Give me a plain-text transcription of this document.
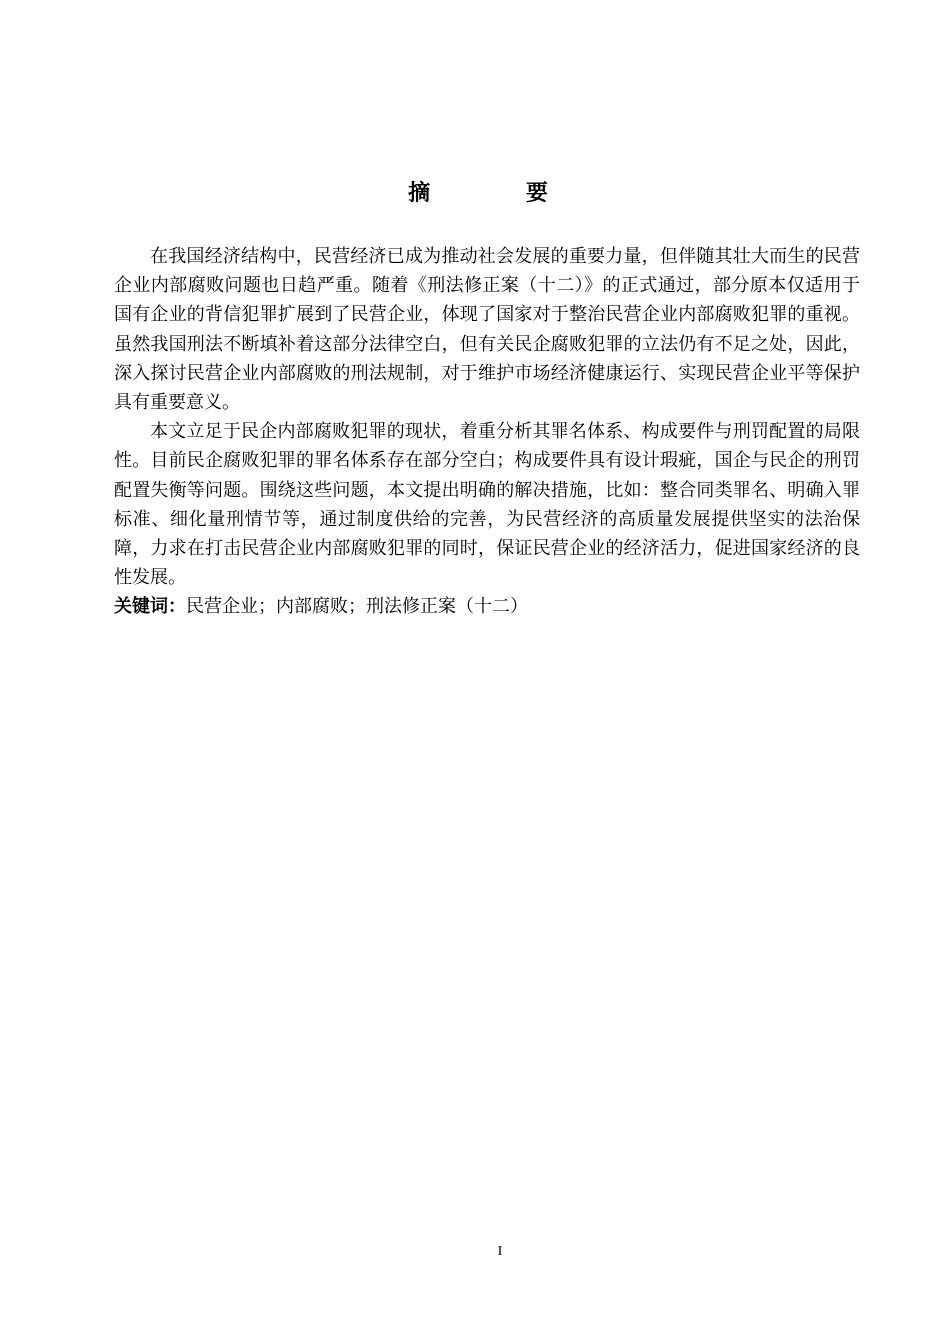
摘 要

在我国经济结构中，民营经济已成为推动社会发展的重要力量，但伴随其壮大而生的民营企业内部腐败问题也日趋严重。随着《刑法修正案（十二）》的正式通过，部分原本仅适用于国有企业的背信犯罪扩展到了民营企业，体现了国家对于整治民营企业内部腐败犯罪的重视。虽然我国刑法不断填补着这部分法律空白，但有关民企腐败犯罪的立法仍有不足之处，因此，深入探讨民营企业内部腐败的刑法规制，对于维护市场经济健康运行、实现民营企业平等保护具有重要意义。

本文立足于民企内部腐败犯罪的现状，着重分析其罪名体系、构成要件与刑罚配置的局限性。目前民企腐败犯罪的罪名体系存在部分空白；构成要件具有设计瑕疵，国企与民企的刑罚配置失衡等问题。围绕这些问题，本文提出明确的解决措施，比如：整合同类罪名、明确入罪标准、细化量刑情节等，通过制度供给的完善，为民营经济的高质量发展提供坚实的法治保障，力求在打击民营企业内部腐败犯罪的同时，保证民营企业的经济活力，促进国家经济的良性发展。

关键词：民营企业；内部腐败；刑法修正案（十二）

I
